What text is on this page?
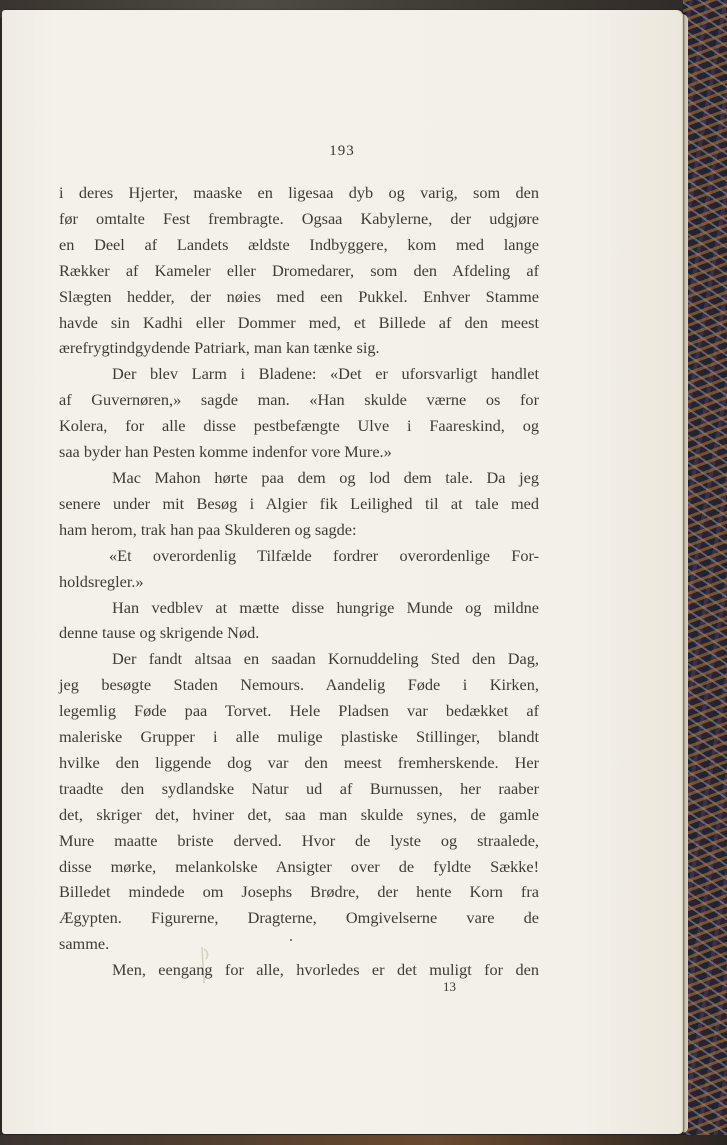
193

i deres Hjerter, maaske en ligesaa dyb og varig, som den

før omtalte Fest frembragte. Ogsaa Kabylerne, der udgjøre

en Deel af Landets ældste Indbyggere, kom med lange

Rækker af Kameler eller Dromedarer, som den Afdeling af

Slægten hedder, der nøies med een Pukkel. Enhver Stamme

havde sin Kadhi eller Dommer med, et Billede af den meest

ærefrygtindgydende Patriark, man kan tænke sig.

Der blev Larm i Bladene: «Det er uforsvarligt handlet

af Guvernøren,» sagde man. «Han skulde værne os for

Kolera, for alle disse pestbefængte Ulve i Faareskind, og

saa byder han Pesten komme indenfor vore Mure.»

Mac Mahon hørte paa dem og lod dem tale. Da jeg

senere under mit Besøg i Algier fik Leilighed til at tale med

ham herom, trak han paa Skulderen og sagde:

«Et overordenlig Tilfælde fordrer overordenlige For-

holdsregler.»

Han vedblev at mætte disse hungrige Munde og mildne

denne tause og skrigende Nød.

Der fandt altsaa en saadan Kornuddeling Sted den Dag,

jeg besøgte Staden Nemours. Aandelig Føde i Kirken,

legemlig Føde paa Torvet. Hele Pladsen var bedækket af

maleriske Grupper i alle mulige plastiske Stillinger, blandt

hvilke den liggende dog var den meest fremherskende. Her

traadte den sydlandske Natur ud af Burnussen, her raaber

det, skriger det, hviner det, saa man skulde synes, de gamle

Mure maatte briste derved. Hvor de lyste og straalede,

disse mørke, melankolske Ansigter over de fyldte Sække!

Billedet mindede om Josephs Brødre, der hente Korn fra

Ægypten. Figurerne, Dragterne, Omgivelserne vare de

samme.

Men, eengang for alle, hvorledes er det muligt for den

13
